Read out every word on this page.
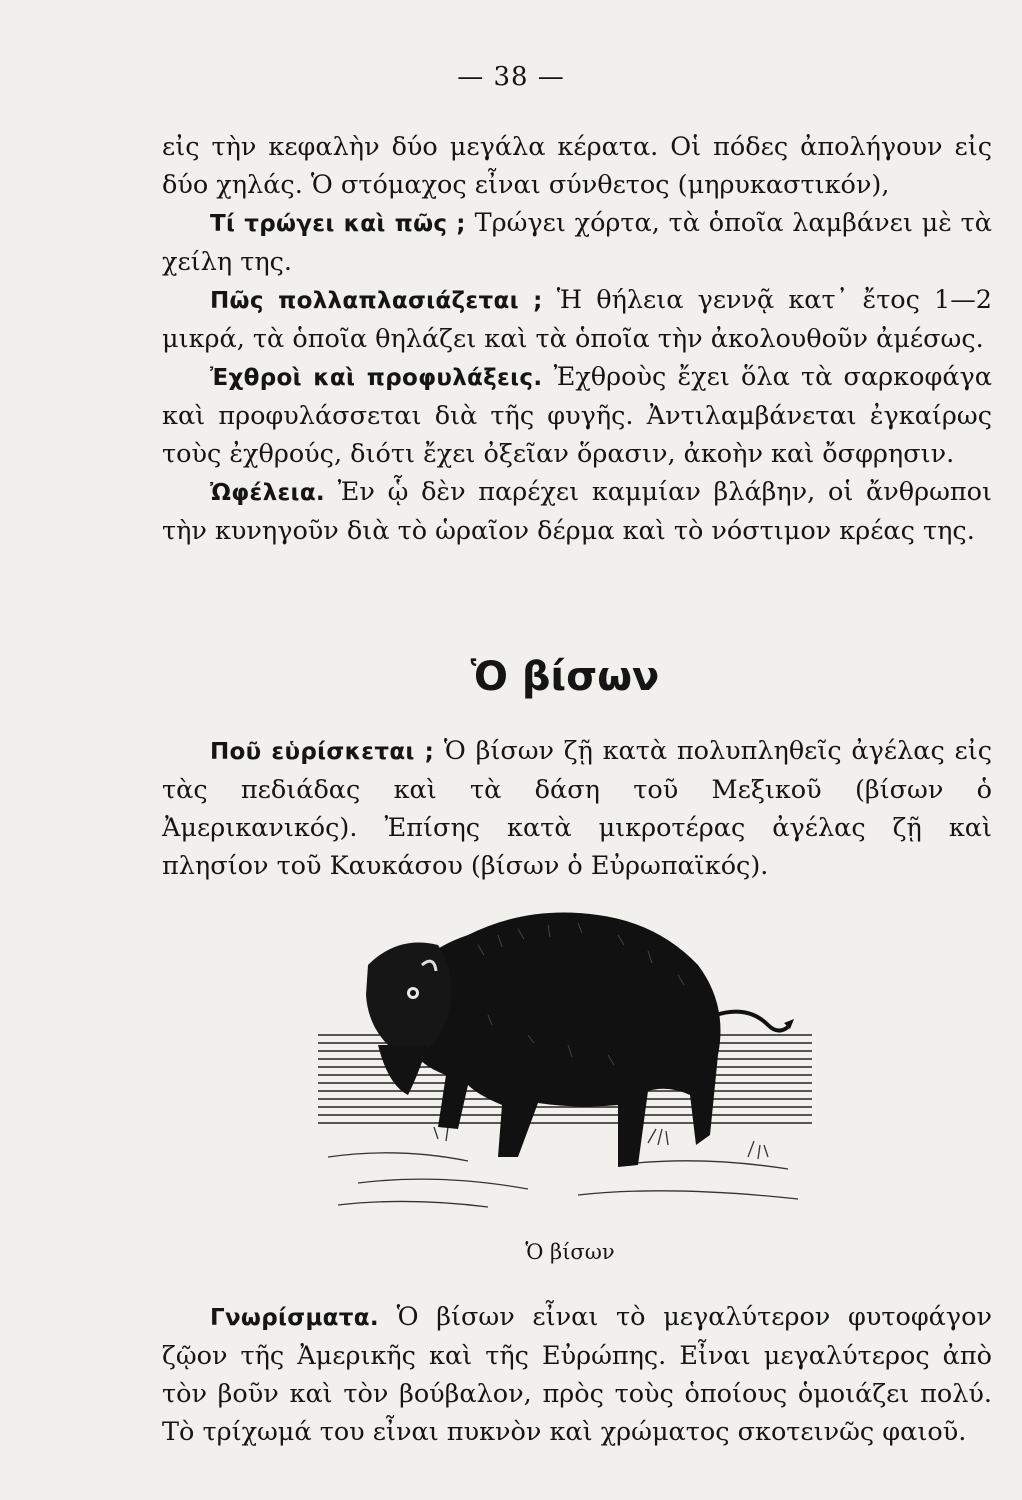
— 38 —

εἰς τὴν κεφαλὴν δύο μεγάλα κέρατα. Οἱ πόδες ἀπολήγουν εἰς δύο χηλάς. Ὁ στόμαχος εἶναι σύνθετος (μηρυκαστικόν),

Τί τρώγει καὶ πῶς ; Τρώγει χόρτα, τὰ ὁποῖα λαμβάνει μὲ τὰ χείλη της.

Πῶς πολλαπλασιάζεται ; Ἡ θήλεια γεννᾷ κατ᾽ ἔτος 1—2 μικρά, τὰ ὁποῖα θηλάζει καὶ τὰ ὁποῖα τὴν ἀκολουθοῦν ἀμέσως.

Ἐχθροὶ καὶ προφυλάξεις. Ἐχθροὺς ἔχει ὅλα τὰ σαρκοφάγα καὶ προφυλάσσεται διὰ τῆς φυγῆς. Ἀντιλαμβάνεται ἐγκαίρως τοὺς ἐχθρούς, διότι ἔχει ὀξεῖαν ὅρασιν, ἀκοὴν καὶ ὄσφρησιν.

Ὠφέλεια. Ἐν ᾧ δὲν παρέχει καμμίαν βλάβην, οἱ ἄνθρωποι τὴν κυνηγοῦν διὰ τὸ ὡραῖον δέρμα καὶ τὸ νόστιμον κρέας της.

Ὁ βίσων

Ποῦ εὑρίσκεται ; Ὁ βίσων ζῇ κατὰ πολυπληθεῖς ἀγέλας εἰς τὰς πεδιάδας καὶ τὰ δάση τοῦ Μεξικοῦ (βίσων ὁ Ἀμερικανικός). Ἐπίσης κατὰ μικροτέρας ἀγέλας ζῇ καὶ πλησίον τοῦ Καυκάσου (βίσων ὁ Εὐρωπαϊκός).

Ὁ βίσων

Γνωρίσματα. Ὁ βίσων εἶναι τὸ μεγαλύτερον φυτοφάγον ζῷον τῆς Ἀμερικῆς καὶ τῆς Εὐρώπης. Εἶναι μεγαλύτερος ἀπὸ τὸν βοῦν καὶ τὸν βούβαλον, πρὸς τοὺς ὁποίους ὁμοιάζει πολύ. Τὸ τρίχωμά του εἶναι πυκνὸν καὶ χρώματος σκοτεινῶς φαιοῦ.
